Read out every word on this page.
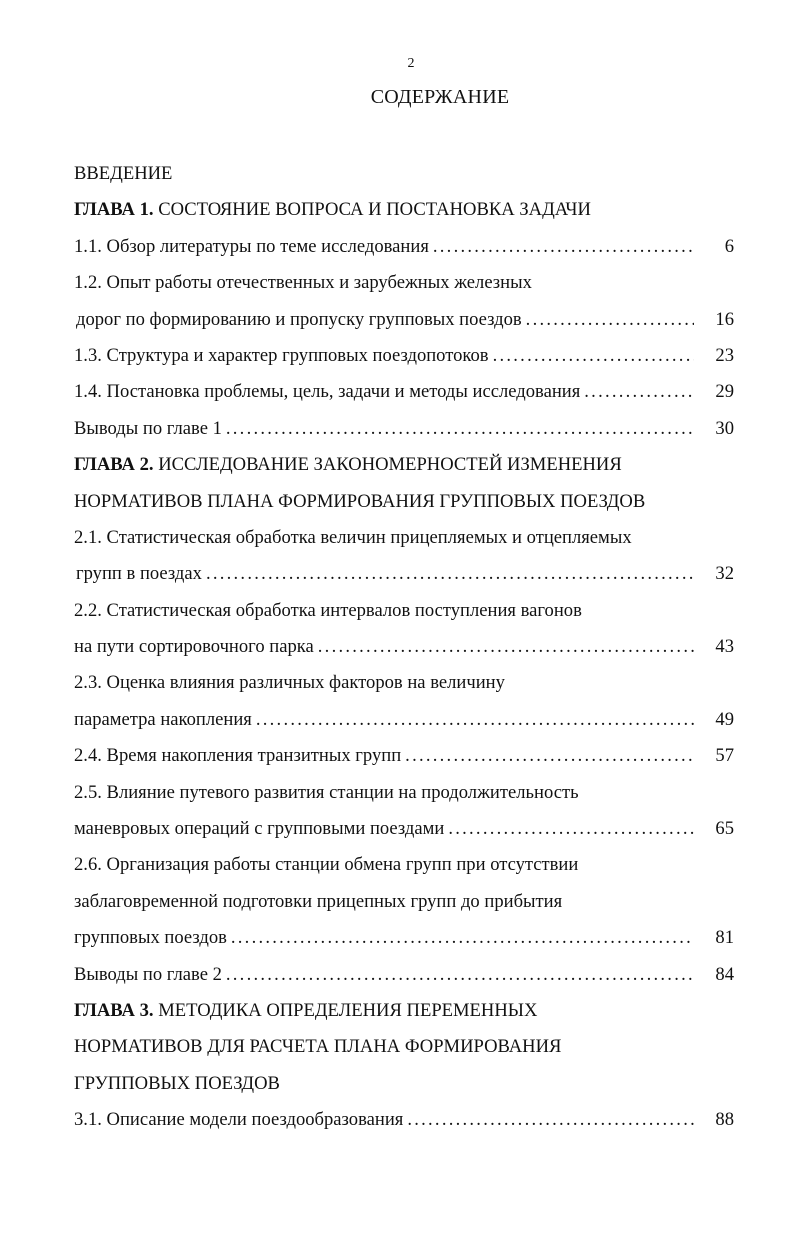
2
СОДЕРЖАНИЕ
ВВЕДЕНИЕ
ГЛАВА 1.
СОСТОЯНИЕ ВОПРОСА И ПОСТАНОВКА ЗАДАЧИ
1.1. Обзор литературы по теме исследования . . .	6
1.2. Опыт работы отечественных и зарубежных железных
дорог по формированию и пропуску групповых поездов . . .	16
1.3. Структура и характер групповых поездопотоков . . .	23
1.4. Постановка проблемы, цель, задачи и методы исследования . . .	29
Выводы по главе 1 . . .	30
ГЛАВА 2.
ИССЛЕДОВАНИЕ ЗАКОНОМЕРНОСТЕЙ ИЗМЕНЕНИЯ
НОРМАТИВОВ ПЛАНА ФОРМИРОВАНИЯ ГРУППОВЫХ ПОЕЗДОВ
2.1. Статистическая обработка величин прицепляемых и отцепляемых
групп в поездах . . .	32
2.2. Статистическая обработка интервалов поступления вагонов
на пути сортировочного парка . . .	43
2.3. Оценка влияния различных факторов на величину
параметра накопления . . .	49
2.4. Время накопления транзитных групп . . .	57
2.5. Влияние путевого развития станции на продолжительность
маневровых операций с групповыми поездами . . .	65
2.6. Организация работы станции обмена групп при отсутствии
заблаговременной подготовки прицепных групп до прибытия
групповых поездов . . .	81
Выводы по главе 2 . . .	84
ГЛАВА 3.
МЕТОДИКА ОПРЕДЕЛЕНИЯ ПЕРЕМЕННЫХ
НОРМАТИВОВ ДЛЯ РАСЧЕТА ПЛАНА ФОРМИРОВАНИЯ
ГРУППОВЫХ ПОЕЗДОВ
3.1. Описание модели поездообразования . . .	88
